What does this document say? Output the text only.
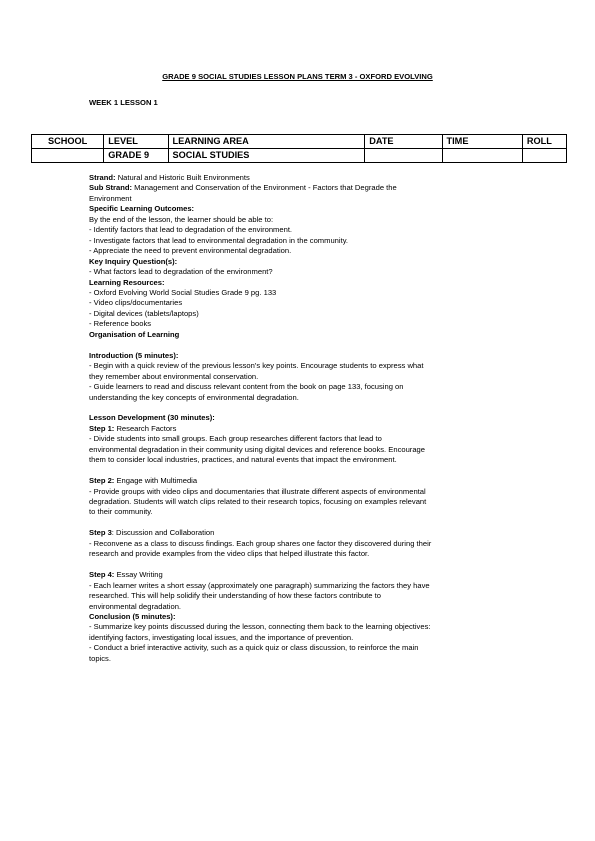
GRADE 9 SOCIAL STUDIES LESSON PLANS TERM 3 - OXFORD EVOLVING
WEEK 1 LESSON 1
SCHOOL	LEVEL	LEARNING AREA	DATE	TIME	ROLL
	GRADE 9	SOCIAL STUDIES			

Strand: Natural and Historic Built Environments

Sub Strand: Management and Conservation of the Environment - Factors that Degrade the

Environment

Specific Learning Outcomes:

By the end of the lesson, the learner should be able to:

- Identify factors that lead to degradation of the environment.

- Investigate factors that lead to environmental degradation in the community.

- Appreciate the need to prevent environmental degradation.

Key Inquiry Question(s):

- What factors lead to degradation of the environment?

Learning Resources:

- Oxford Evolving World Social Studies Grade 9 pg. 133

- Video clips/documentaries

- Digital devices (tablets/laptops)

- Reference books

Organisation of Learning

Introduction (5 minutes):

- Begin with a quick review of the previous lesson's key points. Encourage students to express what

they remember about environmental conservation.

- Guide learners to read and discuss relevant content from the book on page 133, focusing on

understanding the key concepts of environmental degradation.

Lesson Development (30 minutes):

Step 1: Research Factors

- Divide students into small groups. Each group researches different factors that lead to

environmental degradation in their community using digital devices and reference books. Encourage

them to consider local industries, practices, and natural events that impact the environment.

Step 2: Engage with Multimedia

- Provide groups with video clips and documentaries that illustrate different aspects of environmental

degradation. Students will watch clips related to their research topics, focusing on examples relevant

to their community.

Step 3: Discussion and Collaboration

- Reconvene as a class to discuss findings. Each group shares one factor they discovered during their

research and provide examples from the video clips that helped illustrate this factor.

Step 4: Essay Writing

- Each learner writes a short essay (approximately one paragraph) summarizing the factors they have

researched. This will help solidify their understanding of how these factors contribute to

environmental degradation.

Conclusion (5 minutes):

- Summarize key points discussed during the lesson, connecting them back to the learning objectives:

identifying factors, investigating local issues, and the importance of prevention.

- Conduct a brief interactive activity, such as a quick quiz or class discussion, to reinforce the main

topics.
